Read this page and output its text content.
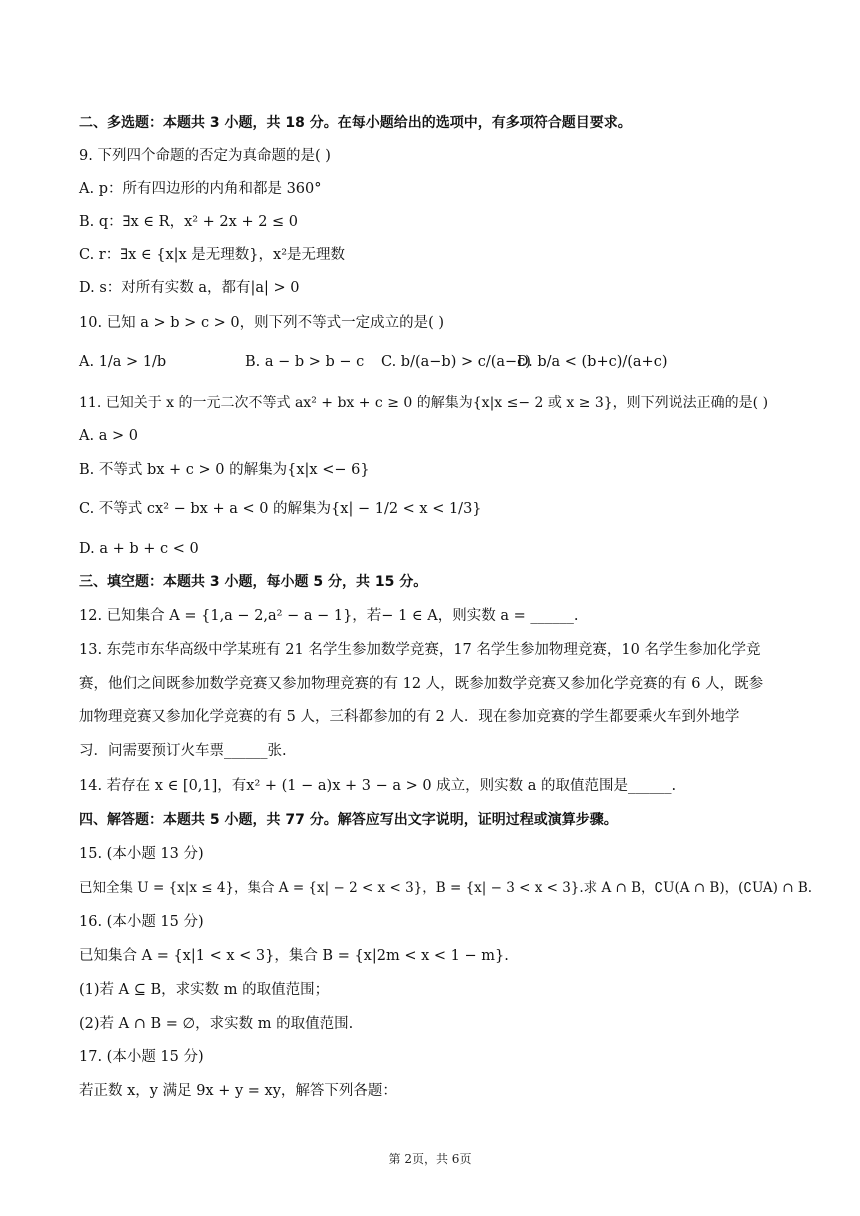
二、多选题：本题共 3 小题，共 18 分。在每小题给出的选项中，有多项符合题目要求。
9. 下列四个命题的否定为真命题的是( )
A. p：所有四边形的内角和都是 360°
B. q：∃x ∈ R，x² + 2x + 2 ≤ 0
C. r：∃x ∈ {x|x 是无理数}，x²是无理数
D. s：对所有实数 a，都有|a| > 0
10. 已知 a > b > c > 0，则下列不等式一定成立的是( )
A. 1/a > 1/b	B. a − b > b − c C. b/(a−b) > c/(a−c)
D. b/a < (b+c)/(a+c)
11. 已知关于 x 的一元二次不等式 ax² + bx + c ≥ 0 的解集为{x|x ≤− 2 或 x ≥ 3}，则下列说法正确的是( )
A. a > 0
B. 不等式 bx + c > 0 的解集为{x|x <− 6}
C. 不等式 cx² − bx + a < 0 的解集为{x| − 1/2 < x < 1/3}
D. a + b + c < 0
三、填空题：本题共 3 小题，每小题 5 分，共 15 分。
12. 已知集合 A = {1,a − 2,a² − a − 1}，若− 1 ∈ A，则实数 a = ______.
13. 东莞市东华高级中学某班有 21 名学生参加数学竞赛，17 名学生参加物理竞赛，10 名学生参加化学竞
赛，他们之间既参加数学竞赛又参加物理竞赛的有 12 人，既参加数学竞赛又参加化学竞赛的有 6 人，既参
加物理竞赛又参加化学竞赛的有 5 人，三科都参加的有 2 人．现在参加竞赛的学生都要乘火车到外地学
习．问需要预订火车票______张.
14. 若存在 x ∈ [0,1]，有x² + (1 − a)x + 3 − a > 0 成立，则实数 a 的取值范围是______.
四、解答题：本题共 5 小题，共 77 分。解答应写出文字说明，证明过程或演算步骤。
15. (本小题 13 分)
已知全集 U = {x|x ≤ 4}，集合 A = {x| − 2 < x < 3}，B = {x| − 3 < x < 3}.求 A ∩ B，∁U(A ∩ B)，(∁UA) ∩ B.
16. (本小题 15 分)
已知集合 A = {x|1 < x < 3}，集合 B = {x|2m < x < 1 − m}.
(1)若 A ⊆ B，求实数 m 的取值范围；
(2)若 A ∩ B = ∅，求实数 m 的取值范围.
17. (本小题 15 分)
若正数 x，y 满足 9x + y = xy，解答下列各题：
第 2页，共 6页
